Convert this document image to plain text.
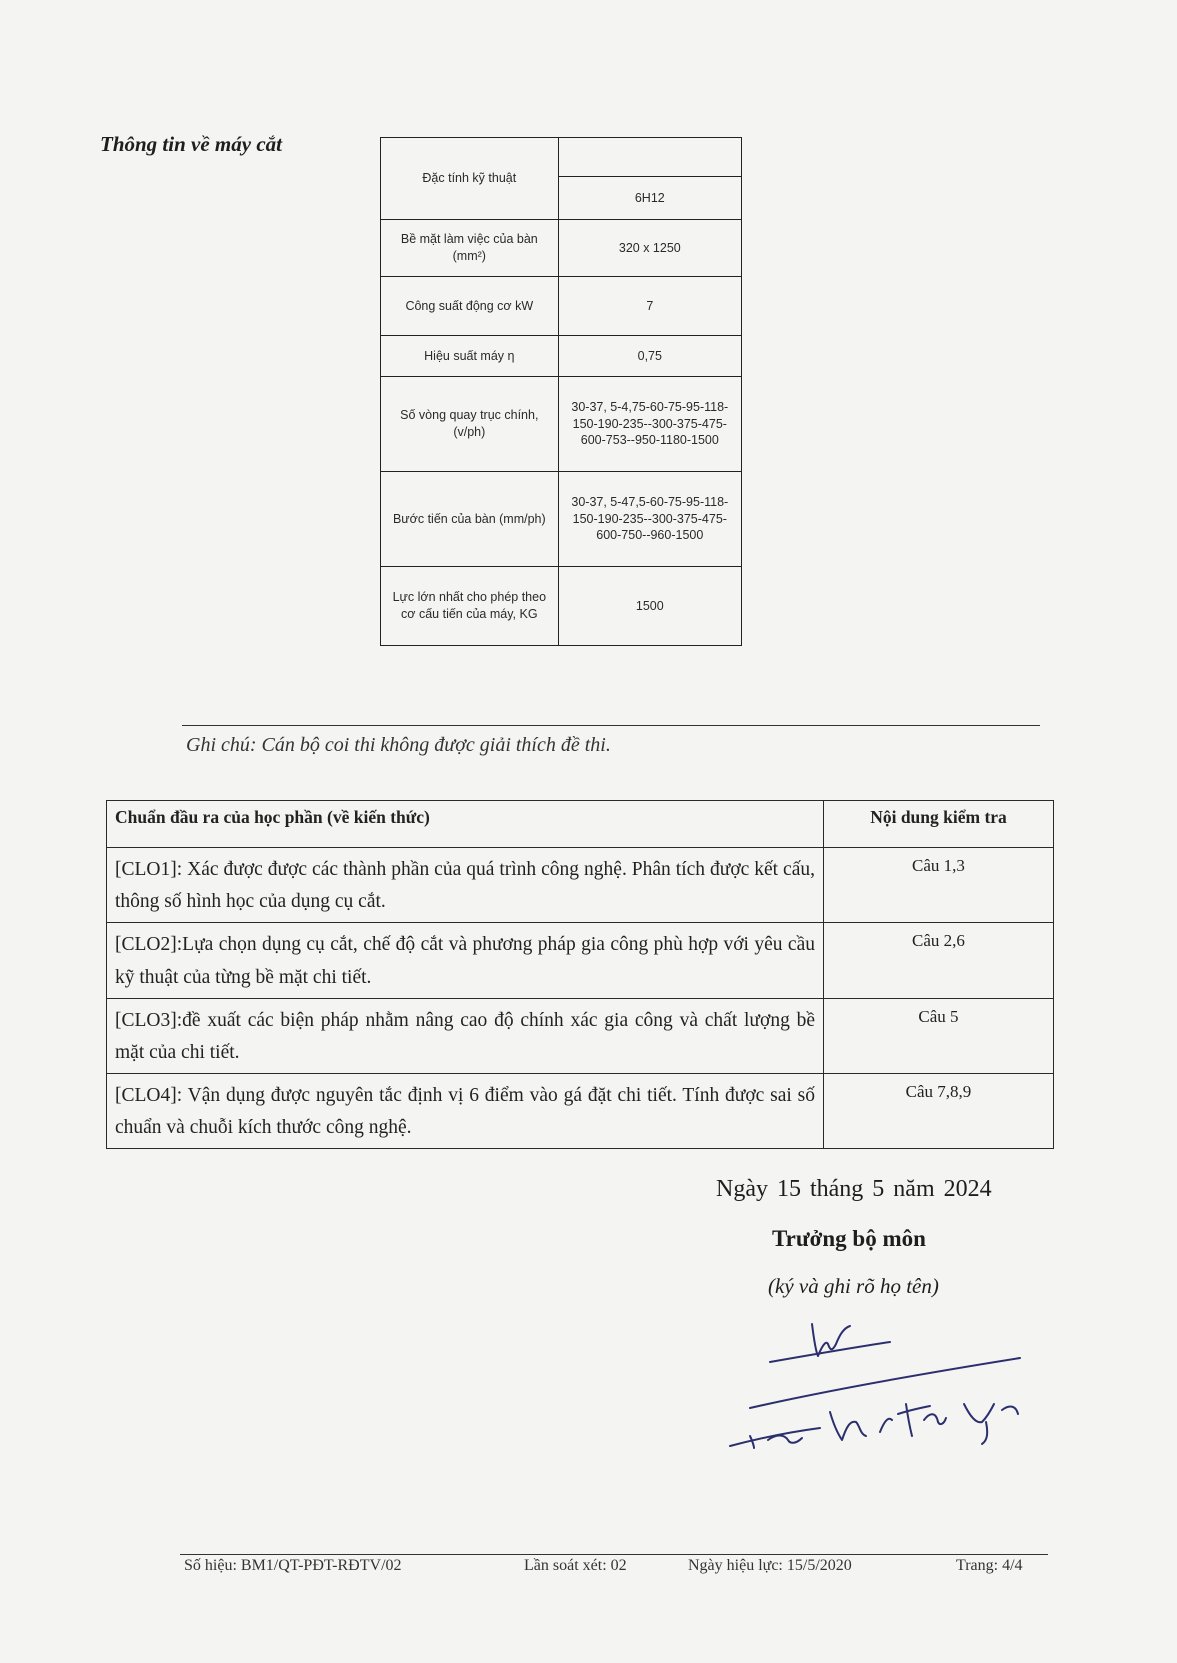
Thông tin về máy cắt
Đặc tính kỹ thuật	
	6H12
Bề mặt làm việc của bàn (mm²)	320 x 1250
Công suất động cơ kW	7
Hiệu suất máy η	0,75
Số vòng quay trục chính, (v/ph)	30-37, 5-4,75-60-75-95-118-150-190-235--300-375-475-600-753--950-1180-1500
Bước tiến của bàn (mm/ph)	30-37, 5-47,5-60-75-95-118-150-190-235--300-375-475-600-750--960-1500
Lực lớn nhất cho phép theo cơ cấu tiến của máy, KG	1500
Ghi chú: Cán bộ coi thi không được giải thích đề thi.
Chuẩn đầu ra của học phần (về kiến thức)	Nội dung kiểm tra
[CLO1]: Xác được được các thành phần của quá trình công nghệ. Phân tích được kết cấu, thông số hình học của dụng cụ cắt.	Câu 1,3
[CLO2]:Lựa chọn dụng cụ cắt, chế độ cắt và phương pháp gia công phù hợp với yêu cầu kỹ thuật của từng bề mặt chi tiết.	Câu 2,6
[CLO3]:đề xuất các biện pháp nhằm nâng cao độ chính xác gia công và chất lượng bề mặt của chi tiết.	Câu 5
[CLO4]: Vận dụng được nguyên tắc định vị 6 điểm vào gá đặt chi tiết. Tính được sai số chuẩn và chuỗi kích thước công nghệ.	Câu 7,8,9
Ngày 15 tháng 5 năm 2024
Trưởng bộ môn
(ký và ghi rõ họ tên)
Số hiệu: BM1/QT-PĐT-RĐTV/02	Lần soát xét: 02	Ngày hiệu lực: 15/5/2020	Trang: 4/4
